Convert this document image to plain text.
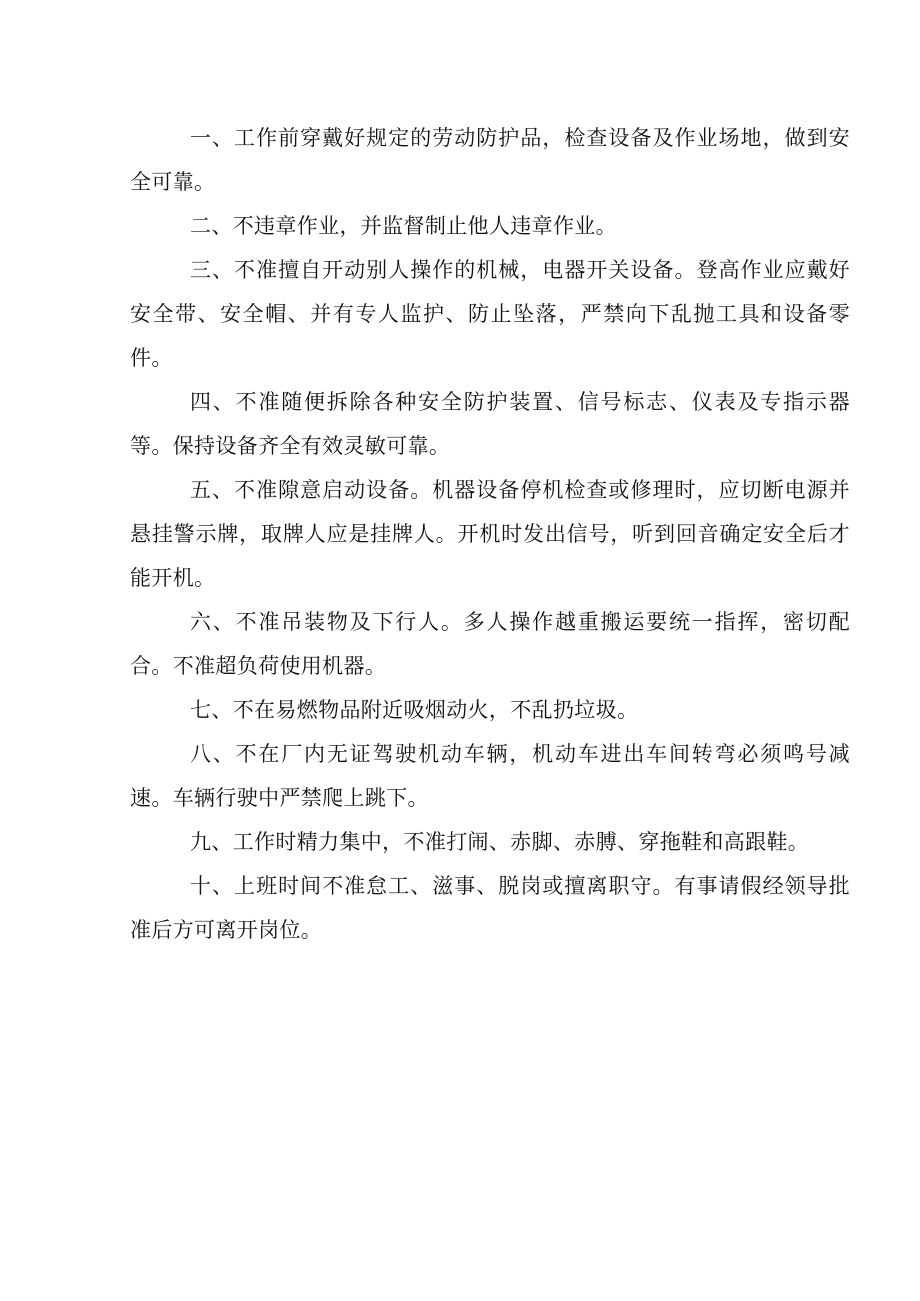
一、工作前穿戴好规定的劳动防护品，检查设备及作业场地，做到安全可靠。

二、不违章作业，并监督制止他人违章作业。

三、不准擅自开动别人操作的机械，电器开关设备。登高作业应戴好安全带、安全帽、并有专人监护、防止坠落，严禁向下乱抛工具和设备零件。

四、不准随便拆除各种安全防护装置、信号标志、仪表及专指示器等。保持设备齐全有效灵敏可靠。

五、不准隙意启动设备。机器设备停机检查或修理时，应切断电源并悬挂警示牌，取牌人应是挂牌人。开机时发出信号，听到回音确定安全后才能开机。

六、不准吊装物及下行人。多人操作越重搬运要统一指挥，密切配合。不准超负荷使用机器。

七、不在易燃物品附近吸烟动火，不乱扔垃圾。

八、不在厂内无证驾驶机动车辆，机动车进出车间转弯必须鸣号减速。车辆行驶中严禁爬上跳下。

九、工作时精力集中，不准打闹、赤脚、赤膊、穿拖鞋和高跟鞋。

十、上班时间不准怠工、滋事、脱岗或擅离职守。有事请假经领导批准后方可离开岗位。
